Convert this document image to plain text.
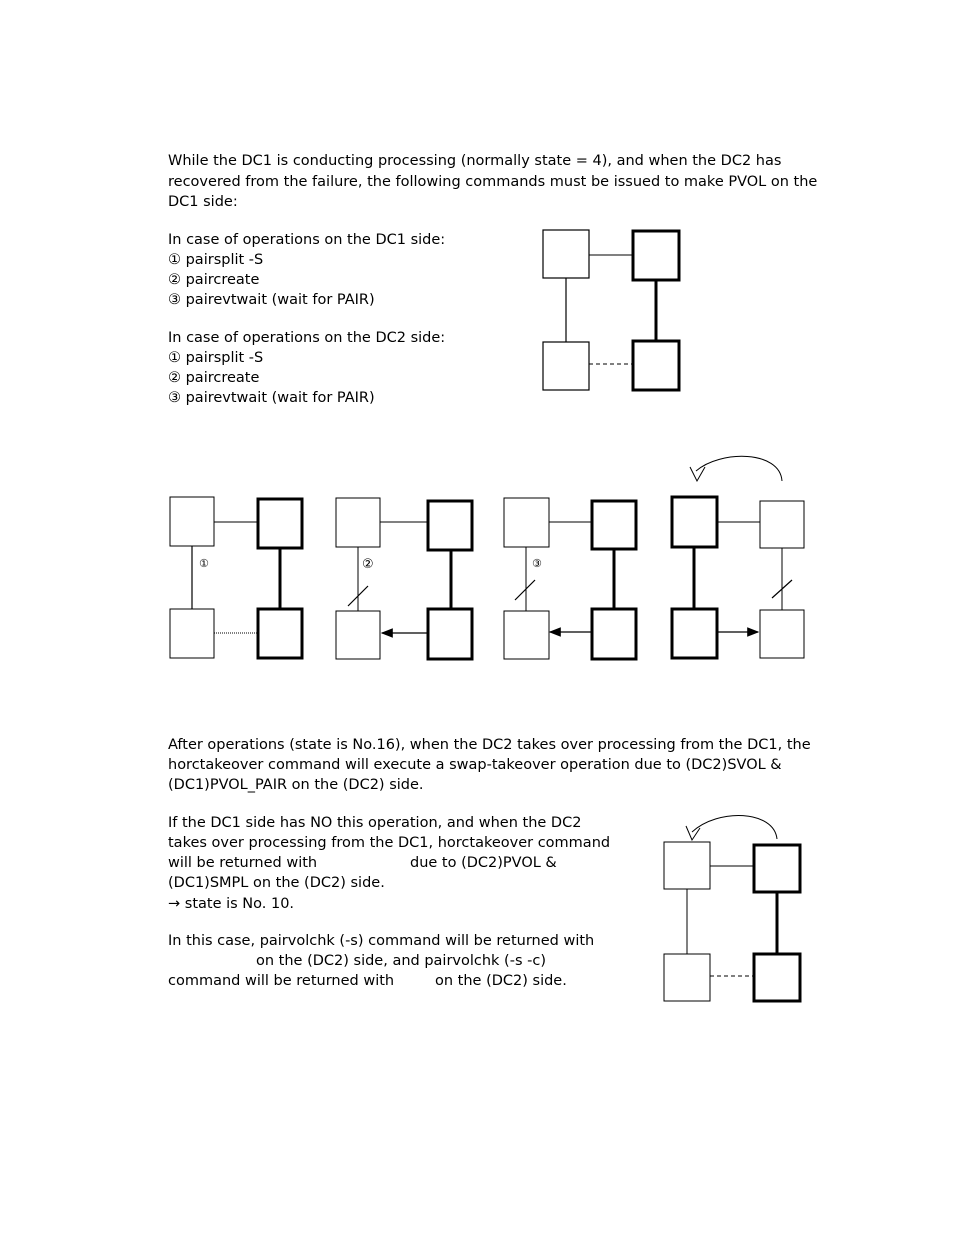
While the DC1 is conducting processing (normally state = 4), and when the DC2 has
recovered from the failure, the following commands must be issued to make PVOL on the
DC1 side:
In case of operations on the DC1 side:
① pairsplit -S
② paircreate
③ pairevtwait (wait for PAIR)
In case of operations on the DC2 side:
① pairsplit -S
② paircreate
③ pairevtwait (wait for PAIR)
①	②	③
After operations (state is No.16), when the DC2 takes over processing from the DC1, the
horctakeover command will execute a swap-takeover operation due to (DC2)SVOL &
(DC1)PVOL_PAIR on the (DC2) side.
If the DC1 side has NO this operation, and when the DC2
takes over processing from the DC1, horctakeover command
will be returned with	due to (DC2)PVOL &
(DC1)SMPL on the (DC2) side.
→ state is No. 10.
In this case, pairvolchk (-s) command will be returned with
on the (DC2) side, and pairvolchk (-s -c)
command will be returned with	on the (DC2) side.
